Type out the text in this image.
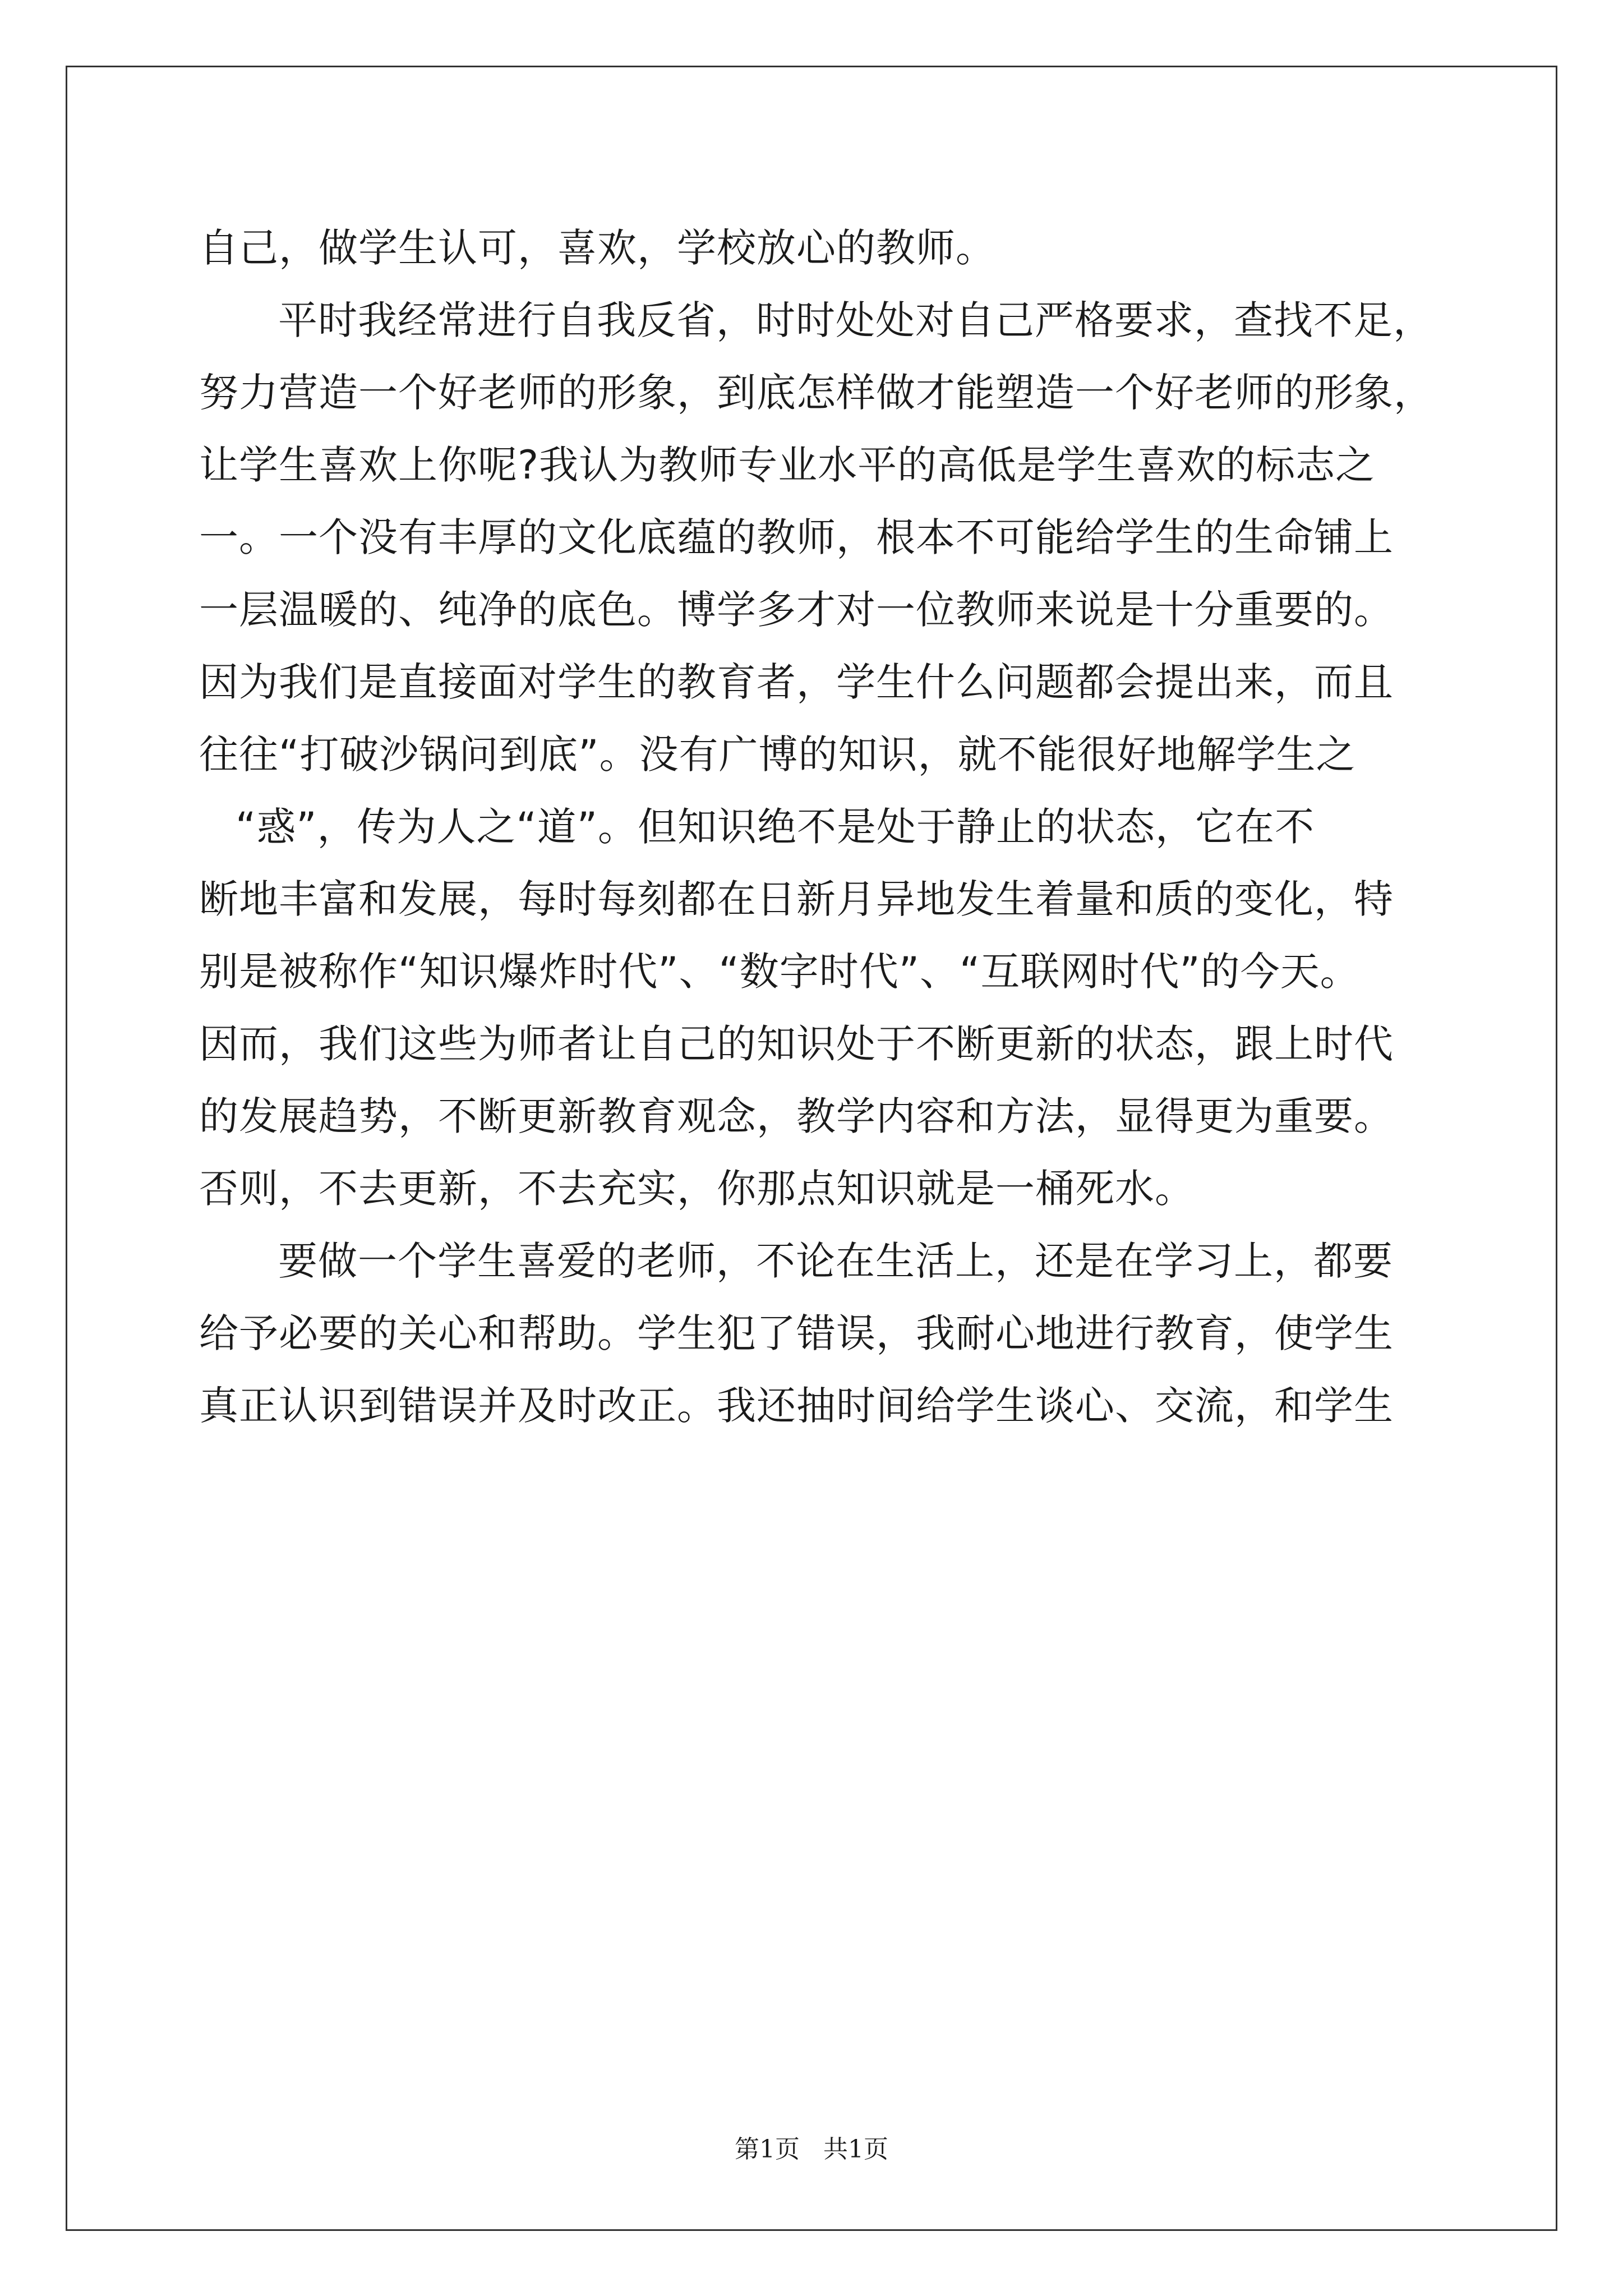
自己，做学生认可，喜欢，学校放心的教师。
平时我经常进行自我反省，时时处处对自己严格要求，查找不足，
努力营造一个好老师的形象，到底怎样做才能塑造一个好老师的形象，
让学生喜欢上你呢?我认为教师专业水平的高低是学生喜欢的标志之
一。一个没有丰厚的文化底蕴的教师，根本不可能给学生的生命铺上
一层温暖的、纯净的底色。博学多才对一位教师来说是十分重要的。
因为我们是直接面对学生的教育者，学生什么问题都会提出来，而且
往往“打破沙锅问到底”。没有广博的知识，就不能很好地解学生之
“惑”，传为人之“道”。但知识绝不是处于静止的状态，它在不
断地丰富和发展，每时每刻都在日新月异地发生着量和质的变化，特
别是被称作“知识爆炸时代”、“数字时代”、“互联网时代”的今天。
因而，我们这些为师者让自己的知识处于不断更新的状态，跟上时代
的发展趋势，不断更新教育观念，教学内容和方法，显得更为重要。
否则，不去更新，不去充实，你那点知识就是一桶死水。
要做一个学生喜爱的老师，不论在生活上，还是在学习上，都要
给予必要的关心和帮助。学生犯了错误，我耐心地进行教育，使学生
真正认识到错误并及时改正。我还抽时间给学生谈心、交流，和学生
第1页   共1页
